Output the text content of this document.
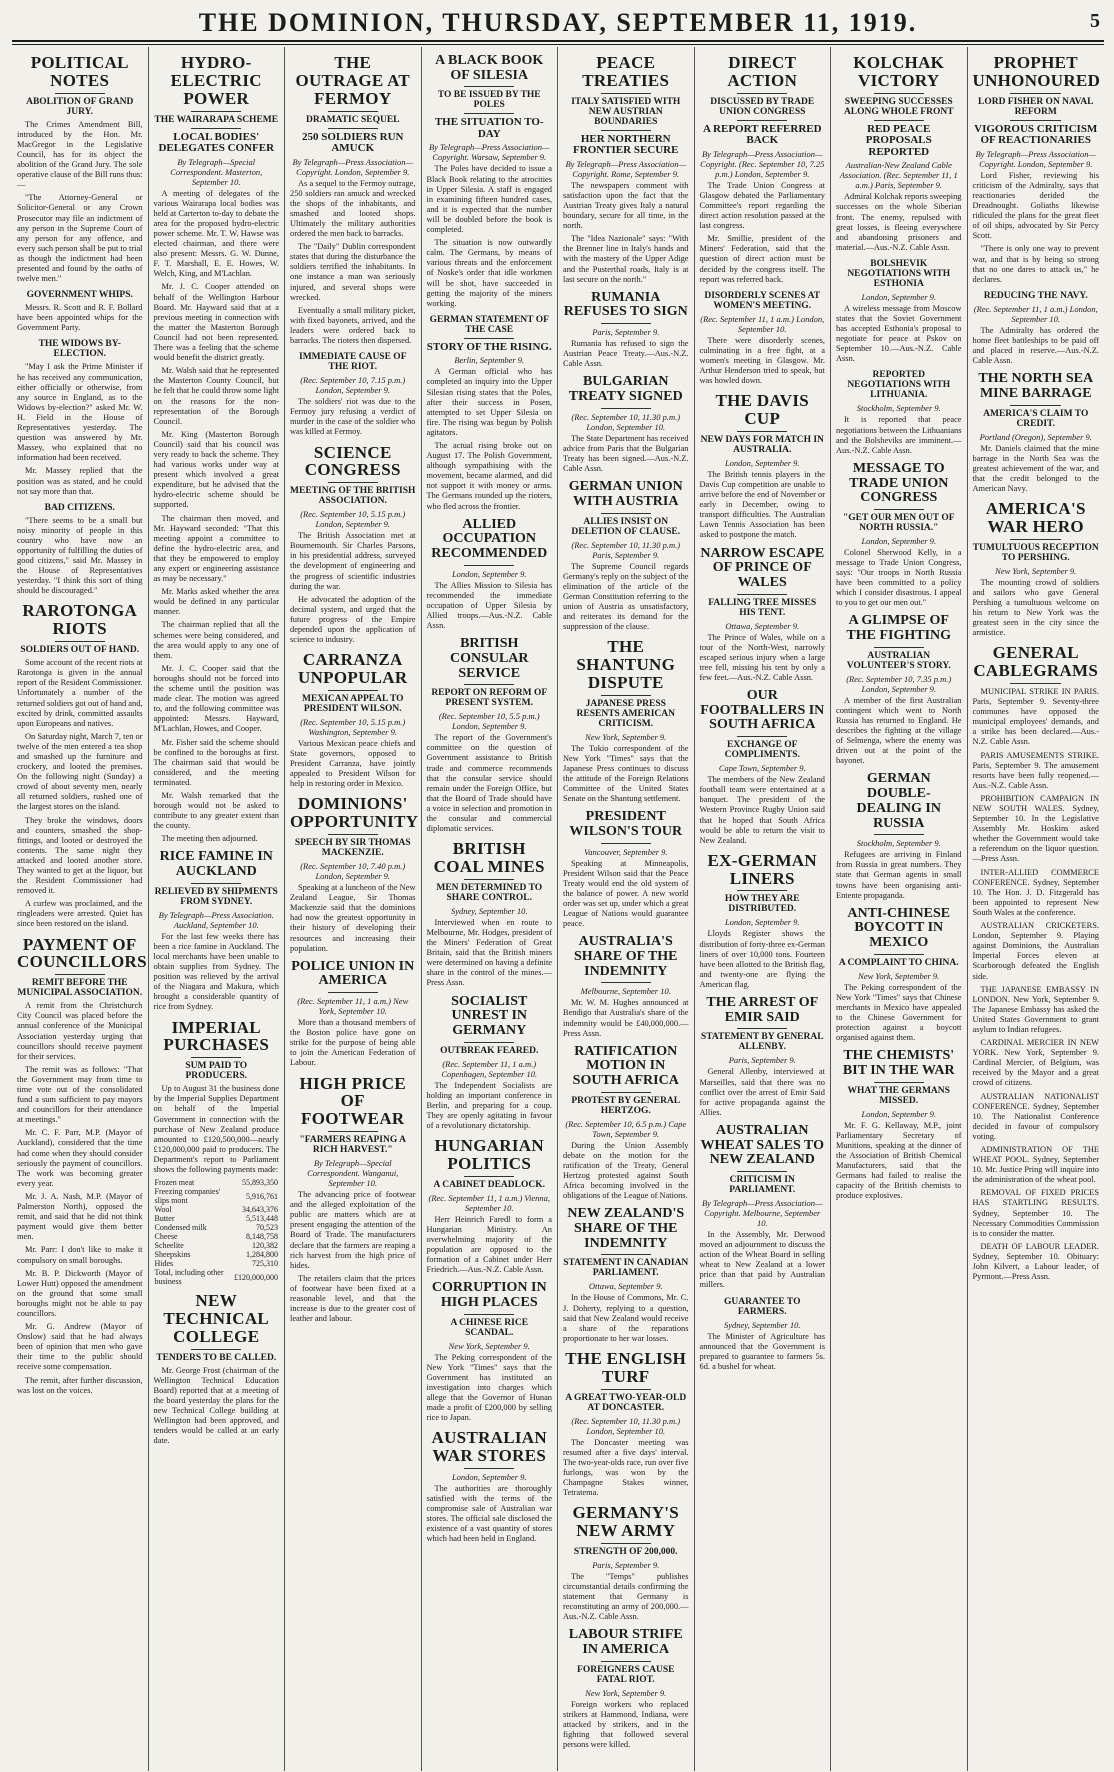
THE DOMINION, THURSDAY, SEPTEMBER 11, 1919.	5
POLITICAL NOTES
ABOLITION OF GRAND JURY.

The Crimes Amendment Bill, introduced by the Hon. Mr. MacGregor in the Legislative Council, has for its object the abolition of the Grand Jury. The sole operative clause of the Bill runs thus:—

"The Attorney-General or Solicitor-General or any Crown Prosecutor may file an indictment of any person in the Supreme Court of any person for any offence, and every such person shall be put to trial as though the indictment had been presented and found by the oaths of twelve men."

GOVERNMENT WHIPS.

Messrs. R. Scott and R. F. Bollard have been appointed whips for the Government Party.

THE WIDOWS BY-ELECTION.

"May I ask the Prime Minister if he has received any communication, either officially or otherwise, from any source in England, as to the Widows by-election?" asked Mr. W. H. Field in the House of Representatives yesterday. The question was answered by Mr. Massey, who explained that no information had been received.

Mr. Massey replied that the position was as stated, and he could not say more than that.

BAD CITIZENS.

"There seems to be a small but noisy minority of people in this country who have now an opportunity of fulfilling the duties of good citizens," said Mr. Massey in the House of Representatives yesterday. "I think this sort of thing should be discouraged."

RAROTONGA RIOTS
SOLDIERS OUT OF HAND.

Some account of the recent riots at Rarotonga is given in the annual report of the Resident Commissioner. Unfortunately a number of the returned soldiers got out of hand and, excited by drink, committed assaults upon Europeans and natives.

On Saturday night, March 7, ten or twelve of the men entered a tea shop and smashed up the furniture and crockery, and looted the premises. On the following night (Sunday) a crowd of about seventy men, nearly all returned soldiers, rushed one of the largest stores on the island.

They broke the windows, doors and counters, smashed the shop-fittings, and looted or destroyed the contents. The same night they attacked and looted another store. They wanted to get at the liquor, but the Resident Commissioner had removed it.

A curfew was proclaimed, and the ringleaders were arrested. Quiet has since been restored on the island.

PAYMENT OF COUNCILLORS
REMIT BEFORE THE MUNICIPAL ASSOCIATION.

A remit from the Christchurch City Council was placed before the annual conference of the Municipal Association yesterday urging that councillors should receive payment for their services.

The remit was as follows: "That the Government may from time to time vote out of the consolidated fund a sum sufficient to pay mayors and councillors for their attendance at meetings."

Mr. C. F. Parr, M.P. (Mayor of Auckland), considered that the time had come when they should consider seriously the payment of councillors. The work was becoming greater every year.

Mr. J. A. Nash, M.P. (Mayor of Palmerston North), opposed the remit, and said that he did not think payment would give them better men.

Mr. Parr: I don't like to make it compulsory on small boroughs.

Mr. B. P. Dickworth (Mayor of Lower Hutt) opposed the amendment on the ground that some small boroughs might not be able to pay councillors.

Mr. G. Andrew (Mayor of Onslow) said that he had always been of opinion that men who gave their time to the public should receive some compensation.

The remit, after further discussion, was lost on the voices.

HYDRO-ELECTRIC POWER
THE WAIRARAPA SCHEME
LOCAL BODIES' DELEGATES CONFER
By Telegraph—Special Correspondent. Masterton, September 10.

A meeting of delegates of the various Wairarapa local bodies was held at Carterton to-day to debate the area for the proposed hydro-electric power scheme. Mr. T. W. Hawse was elected chairman, and there were also present: Messrs. G. W. Dunne, F. T. Marshall, E. E. Howes, W. Welch, King, and M'Lachlan.

Mr. J. C. Cooper attended on behalf of the Wellington Harbour Board. Mr. Hayward said that at a previous meeting in connection with the matter the Masterton Borough Council had not been represented. There was a feeling that the scheme would benefit the district greatly.

Mr. Walsh said that he represented the Masterton County Council, but he felt that he could throw some light on the reasons for the non-representation of the Borough Council.

Mr. King (Masterton Borough Council) said that his council was very ready to back the scheme. They had various works under way at present which involved a great expenditure, but he advised that the hydro-electric scheme should be supported.

The chairman then moved, and Mr. Hayward seconded: "That this meeting appoint a committee to define the hydro-electric area, and that they be empowered to employ any expert or engineering assistance as may be necessary."

Mr. Marks asked whether the area would be defined in any particular manner.

The chairman replied that all the schemes were being considered, and the area would apply to any one of them.

Mr. J. C. Cooper said that the boroughs should not be forced into the scheme until the position was made clear. The motion was agreed to, and the following committee was appointed: Messrs. Hayward, M'Lachlan, Howes, and Cooper.

Mr. Fisher said the scheme should be confined to the boroughs at first. The chairman said that would be considered, and the meeting terminated.

Mr. Walsh remarked that the borough would not be asked to contribute to any greater extent than the county.

The meeting then adjourned.

RICE FAMINE IN AUCKLAND
RELIEVED BY SHIPMENTS FROM SYDNEY.
By Telegraph—Press Association. Auckland, September 10.

For the last few weeks there has been a rice famine in Auckland. The local merchants have been unable to obtain supplies from Sydney. The position was relieved by the arrival of the Niagara and Makura, which brought a considerable quantity of rice from Sydney.

IMPERIAL PURCHASES
SUM PAID TO PRODUCERS.

Up to August 31 the business done by the Imperial Supplies Department on behalf of the Imperial Government in connection with the purchase of New Zealand produce amounted to £120,500,000—nearly £120,000,000 paid to producers. The Department's report to Parliament shows the following payments made:

Frozen meat	55,893,350
Freezing companies' slips mont	5,916,761
Wool	34,643,376
Butter	5,513,448
Condensed milk	70,523
Cheese	8,148,758
Scheelite	120,382
Sheepskins	1,284,800
Hides	725,310
Total, including other business	£120,000,000
NEW TECHNICAL COLLEGE
TENDERS TO BE CALLED.

Mr. George Frost (chairman of the Wellington Technical Education Board) reported that at a meeting of the board yesterday the plans for the new Technical College building at Wellington had been approved, and tenders would be called at an early date.

THE OUTRAGE AT FERMOY
DRAMATIC SEQUEL
250 SOLDIERS RUN AMUCK
By Telegraph—Press Association—Copyright. London, September 9.

As a sequel to the Fermoy outrage, 250 soldiers ran amuck and wrecked the shops of the inhabitants, and smashed and looted shops. Ultimately the military authorities ordered the men back to barracks.

The "Daily" Dublin correspondent states that during the disturbance the soldiers terrified the inhabitants. In one instance a man was seriously injured, and several shops were wrecked.

Eventually a small military picket, with fixed bayonets, arrived, and the leaders were ordered back to barracks. The rioters then dispersed.

IMMEDIATE CAUSE OF THE RIOT.
(Rec. September 10, 7.15 p.m.) London, September 9.

The soldiers' riot was due to the Fermoy jury refusing a verdict of murder in the case of the soldier who was killed at Fermoy.

SCIENCE CONGRESS
MEETING OF THE BRITISH ASSOCIATION.
(Rec. September 10, 5.15 p.m.) London, September 9.

The British Association met at Bournemouth. Sir Charles Parsons, in his presidential address, surveyed the development of engineering and the progress of scientific industries during the war.

He advocated the adoption of the decimal system, and urged that the future progress of the Empire depended upon the application of science to industry.

CARRANZA UNPOPULAR
MEXICAN APPEAL TO PRESIDENT WILSON.
(Rec. September 10, 5.15 p.m.) Washington, September 9.

Various Mexican peace chiefs and State governors, opposed to President Carranza, have jointly appealed to President Wilson for help in restoring order in Mexico.

DOMINIONS' OPPORTUNITY
SPEECH BY SIR THOMAS MACKENZIE.
(Rec. September 10, 7.40 p.m.) London, September 9.

Speaking at a luncheon of the New Zealand League, Sir Thomas Mackenzie said that the dominions had now the greatest opportunity in their history of developing their resources and increasing their population.

POLICE UNION IN AMERICA
(Rec. September 11, 1 a.m.) New York, September 10.

More than a thousand members of the Boston police have gone on strike for the purpose of being able to join the American Federation of Labour.

HIGH PRICE OF FOOTWEAR
"FARMERS REAPING A RICH HARVEST."
By Telegraph—Special Correspondent. Wanganui, September 10.

The advancing price of footwear and the alleged exploitation of the public are matters which are at present engaging the attention of the Board of Trade. The manufacturers declare that the farmers are reaping a rich harvest from the high price of hides.

The retailers claim that the prices of footwear have been fixed at a reasonable level, and that the increase is due to the greater cost of leather and labour.

A BLACK BOOK OF SILESIA
TO BE ISSUED BY THE POLES
THE SITUATION TO-DAY
By Telegraph—Press Association—Copyright. Warsaw, September 9.

The Poles have decided to issue a Black Book relating to the atrocities in Upper Silesia. A staff is engaged in examining fifteen hundred cases, and it is expected that the number will be doubled before the book is completed.

The situation is now outwardly calm. The Germans, by means of various threats and the enforcement of Noske's order that idle workmen will be shot, have succeeded in getting the majority of the miners working.

GERMAN STATEMENT OF THE CASE
STORY OF THE RISING.
Berlin, September 9.

A German official who has completed an inquiry into the Upper Silesian rising states that the Poles, after their success in Posen, attempted to set Upper Silesia on fire. The rising was begun by Polish agitators.

The actual rising broke out on August 17. The Polish Government, although sympathising with the movement, became alarmed, and did not support it with money or arms. The Germans rounded up the rioters, who fled across the frontier.

ALLIED OCCUPATION RECOMMENDED
London, September 9.

The Allies Mission to Silesia has recommended the immediate occupation of Upper Silesia by Allied troops.—Aus.-N.Z. Cable Assn.

BRITISH CONSULAR SERVICE
REPORT ON REFORM OF PRESENT SYSTEM.
(Rec. September 10, 5.5 p.m.) London, September 9.

The report of the Government's committee on the question of Government assistance to British trade and commerce recommends that the consular service should remain under the Foreign Office, but that the Board of Trade should have a voice in selection and promotion in the consular and commercial diplomatic services.

BRITISH COAL MINES
MEN DETERMINED TO SHARE CONTROL.
Sydney, September 10.

Interviewed when en route to Melbourne, Mr. Hodges, president of the Miners' Federation of Great Britain, said that the British miners were determined on having a definite share in the control of the mines.—Press Assn.

SOCIALIST UNREST IN GERMANY
OUTBREAK FEARED.
(Rec. September 11, 1 a.m.) Copenhagen, September 10.

The Independent Socialists are holding an important conference in Berlin, and preparing for a coup. They are openly agitating in favour of a revolutionary dictatorship.

HUNGARIAN POLITICS
A CABINET DEADLOCK.
(Rec. September 11, 1 a.m.) Vienna, September 10.

Herr Heinrich Faredl to form a Hungarian Ministry. An overwhelming majority of the population are opposed to the formation of a Cabinet under Herr Friedrich.—Aus.-N.Z. Cable Assn.

CORRUPTION IN HIGH PLACES
A CHINESE RICE SCANDAL.
New York, September 9.

The Peking correspondent of the New York "Times" says that the Government has instituted an investigation into charges which allege that the Governor of Hunan made a profit of £200,000 by selling rice to Japan.

AUSTRALIAN WAR STORES
London, September 9.

The authorities are thoroughly satisfied with the terms of the compromise sale of Australian war stores. The official sale disclosed the existence of a vast quantity of stores which had been held in England.

PEACE TREATIES
ITALY SATISFIED WITH NEW AUSTRIAN BOUNDARIES
HER NORTHERN FRONTIER SECURE
By Telegraph—Press Association—Copyright. Rome, September 9.

The newspapers comment with satisfaction upon the fact that the Austrian Treaty gives Italy a natural boundary, secure for all time, in the north.

The "Idea Nazionale" says: "With the Brenner line in Italy's hands and with the mastery of the Upper Adige and the Pusterthal roads, Italy is at last secure on the north."

RUMANIA REFUSES TO SIGN
Paris, September 9.

Rumania has refused to sign the Austrian Peace Treaty.—Aus.-N.Z. Cable Assn.

BULGARIAN TREATY SIGNED
(Rec. September 10, 11.30 p.m.) London, September 10.

The State Department has received advice from Paris that the Bulgarian Treaty has been signed.—Aus.-N.Z. Cable Assn.

GERMAN UNION WITH AUSTRIA
ALLIES INSIST ON DELETION OF CLAUSE.
(Rec. September 10, 11.30 p.m.) Paris, September 9.

The Supreme Council regards Germany's reply on the subject of the elimination of the article of the German Constitution referring to the union of Austria as unsatisfactory, and reiterates its demand for the suppression of the clause.

THE SHANTUNG DISPUTE
JAPANESE PRESS RESENTS AMERICAN CRITICISM.
New York, September 9.

The Tokio correspondent of the New York "Times" says that the Japanese Press continues to discuss the attitude of the Foreign Relations Committee of the United States Senate on the Shantung settlement.

PRESIDENT WILSON'S TOUR
Vancouver, September 9.

Speaking at Minneapolis, President Wilson said that the Peace Treaty would end the old system of the balance of power. A new world order was set up, under which a great League of Nations would guarantee peace.

AUSTRALIA'S SHARE OF THE INDEMNITY
Melbourne, September 10.

Mr. W. M. Hughes announced at Bendigo that Australia's share of the indemnity would be £40,000,000.—Press Assn.

RATIFICATION MOTION IN SOUTH AFRICA
PROTEST BY GENERAL HERTZOG.
(Rec. September 10, 6.5 p.m.) Cape Town, September 9.

During the Union Assembly debate on the motion for the ratification of the Treaty, General Hertzog protested against South Africa becoming involved in the obligations of the League of Nations.

NEW ZEALAND'S SHARE OF THE INDEMNITY
STATEMENT IN CANADIAN PARLIAMENT.
Ottawa, September 9.

In the House of Commons, Mr. C. J. Doherty, replying to a question, said that New Zealand would receive a share of the reparations proportionate to her war losses.

THE ENGLISH TURF
A GREAT TWO-YEAR-OLD AT DONCASTER.
(Rec. September 10, 11.30 p.m.) London, September 10.

The Doncaster meeting was resumed after a five days' interval. The two-year-olds race, run over five furlongs, was won by the Champagne Stakes winner, Tetratema.

GERMANY'S NEW ARMY
STRENGTH OF 200,000.
Paris, September 9.

The "Temps" publishes circumstantial details confirming the statement that Germany is reconstituting an army of 200,000.—Aus.-N.Z. Cable Assn.

LABOUR STRIFE IN AMERICA
FOREIGNERS CAUSE FATAL RIOT.
New York, September 9.

Foreign workers who replaced strikers at Hammond, Indiana, were attacked by strikers, and in the fighting that followed several persons were killed.

DIRECT ACTION
DISCUSSED BY TRADE UNION CONGRESS
A REPORT REFERRED BACK
By Telegraph—Press Association—Copyright. (Rec. September 10, 7.25 p.m.) London, September 9.

The Trade Union Congress at Glasgow debated the Parliamentary Committee's report regarding the direct action resolution passed at the last congress.

Mr. Smillie, president of the Miners' Federation, said that the question of direct action must be decided by the congress itself. The report was referred back.

DISORDERLY SCENES AT WOMEN'S MEETING.
(Rec. September 11, 1 a.m.) London, September 10.

There were disorderly scenes, culminating in a free fight, at a women's meeting in Glasgow. Mr. Arthur Henderson tried to speak, but was howled down.

THE DAVIS CUP
NEW DAYS FOR MATCH IN AUSTRALIA.
London, September 9.

The British tennis players in the Davis Cup competition are unable to arrive before the end of November or early in December, owing to transport difficulties. The Australian Lawn Tennis Association has been asked to postpone the match.

NARROW ESCAPE OF PRINCE OF WALES
FALLING TREE MISSES HIS TENT.
Ottawa, September 9.

The Prince of Wales, while on a tour of the North-West, narrowly escaped serious injury when a large tree fell, missing his tent by only a few feet.—Aus.-N.Z. Cable Assn.

OUR FOOTBALLERS IN SOUTH AFRICA
EXCHANGE OF COMPLIMENTS.
Cape Town, September 9.

The members of the New Zealand football team were entertained at a banquet. The president of the Western Province Rugby Union said that he hoped that South Africa would be able to return the visit to New Zealand.

EX-GERMAN LINERS
HOW THEY ARE DISTRIBUTED.
London, September 9.

Lloyds Register shows the distribution of forty-three ex-German liners of over 10,000 tons. Fourteen have been allotted to the British flag, and twenty-one are flying the American flag.

THE ARREST OF EMIR SAID
STATEMENT BY GENERAL ALLENBY.
Paris, September 9.

General Allenby, interviewed at Marseilles, said that there was no conflict over the arrest of Emir Said for active propaganda against the Allies.

AUSTRALIAN WHEAT SALES TO NEW ZEALAND
CRITICISM IN PARLIAMENT.
By Telegraph—Press Association—Copyright. Melbourne, September 10.

In the Assembly, Mr. Derwood moved an adjournment to discuss the action of the Wheat Board in selling wheat to New Zealand at a lower price than that paid by Australian millers.

GUARANTEE TO FARMERS.
Sydney, September 10.

The Minister of Agriculture has announced that the Government is prepared to guarantee to farmers 5s. 6d. a bushel for wheat.

KOLCHAK VICTORY
SWEEPING SUCCESSES ALONG WHOLE FRONT
RED PEACE PROPOSALS REPORTED
Australian-New Zealand Cable Association. (Rec. September 11, 1 a.m.) Paris, September 9.

Admiral Kolchak reports sweeping successes on the whole Siberian front. The enemy, repulsed with great losses, is fleeing everywhere and abandoning prisoners and material.—Aus.-N.Z. Cable Assn.

BOLSHEVIK NEGOTIATIONS WITH ESTHONIA
London, September 9.

A wireless message from Moscow states that the Soviet Government has accepted Esthonia's proposal to negotiate for peace at Pskov on September 10.—Aus.-N.Z. Cable Assn.

REPORTED NEGOTIATIONS WITH LITHUANIA.
Stockholm, September 9.

It is reported that peace negotiations between the Lithuanians and the Bolsheviks are imminent.—Aus.-N.Z. Cable Assn.

MESSAGE TO TRADE UNION CONGRESS
"GET OUR MEN OUT OF NORTH RUSSIA."
London, September 9.

Colonel Sherwood Kelly, in a message to Trade Union Congress, says: "Our troops in North Russia have been committed to a policy which I consider disastrous. I appeal to you to get our men out."

A GLIMPSE OF THE FIGHTING
AUSTRALIAN VOLUNTEER'S STORY.
(Rec. September 10, 7.35 p.m.) London, September 9.

A member of the first Australian contingent which went to North Russia has returned to England. He describes the fighting at the village of Selmenga, where the enemy was driven out at the point of the bayonet.

GERMAN DOUBLE-DEALING IN RUSSIA
Stockholm, September 9.

Refugees are arriving in Finland from Russia in great numbers. They state that German agents in small towns have been organising anti-Entente propaganda.

ANTI-CHINESE BOYCOTT IN MEXICO
A COMPLAINT TO CHINA.
New York, September 9.

The Peking correspondent of the New York "Times" says that Chinese merchants in Mexico have appealed to the Chinese Government for protection against a boycott organised against them.

THE CHEMISTS' BIT IN THE WAR
WHAT THE GERMANS MISSED.
London, September 9.

Mr. F. G. Kellaway, M.P., joint Parliamentary Secretary of Munitions, speaking at the dinner of the Association of British Chemical Manufacturers, said that the Germans had failed to realise the capacity of the British chemists to produce explosives.

PROPHET UNHONOURED
LORD FISHER ON NAVAL REFORM
VIGOROUS CRITICISM OF REACTIONARIES
By Telegraph—Press Association—Copyright. London, September 9.

Lord Fisher, reviewing his criticism of the Admiralty, says that reactionaries derided the Dreadnought. Goliaths likewise ridiculed the plans for the great fleet of oil ships, advocated by Sir Percy Scott.

"There is only one way to prevent war, and that is by being so strong that no one dares to attack us," he declares.

REDUCING THE NAVY.
(Rec. September 11, 1 a.m.) London, September 10.

The Admiralty has ordered the home fleet battleships to be paid off and placed in reserve.—Aus.-N.Z. Cable Assn.

THE NORTH SEA MINE BARRAGE
AMERICA'S CLAIM TO CREDIT.
Portland (Oregon), September 9.

Mr. Daniels claimed that the mine barrage in the North Sea was the greatest achievement of the war, and that the credit belonged to the American Navy.

AMERICA'S WAR HERO
TUMULTUOUS RECEPTION TO PERSHING.
New York, September 9.

The mounting crowd of soldiers and sailors who gave General Pershing a tumultuous welcome on his return to New York was the greatest seen in the city since the armistice.

GENERAL CABLEGRAMS

MUNICIPAL STRIKE IN PARIS. Paris, September 9. Seventy-three communes have opposed the municipal employees' demands, and a strike has been declared.—Aus.-N.Z. Cable Assn.

PARIS AMUSEMENTS STRIKE. Paris, September 9. The amusement resorts have been fully reopened.—Aus.-N.Z. Cable Assn.

PROHIBITION CAMPAIGN IN NEW SOUTH WALES. Sydney, September 10. In the Legislative Assembly Mr. Hoskins asked whether the Government would take a referendum on the liquor question.—Press Assn.

INTER-ALLIED COMMERCE CONFERENCE. Sydney, September 10. The Hon. J. D. Fitzgerald has been appointed to represent New South Wales at the conference.

AUSTRALIAN CRICKETERS. London, September 9. Playing against Dominions, the Australian Imperial Forces eleven at Scarborough defeated the English side.

THE JAPANESE EMBASSY IN LONDON. New York, September 9. The Japanese Embassy has asked the United States Government to grant asylum to Indian refugees.

CARDINAL MERCIER IN NEW YORK. New York, September 9. Cardinal Mercier, of Belgium, was received by the Mayor and a great crowd of citizens.

AUSTRALIAN NATIONALIST CONFERENCE. Sydney, September 10. The Nationalist Conference decided in favour of compulsory voting.

ADMINISTRATION OF THE WHEAT POOL. Sydney, September 10. Mr. Justice Pring will inquire into the administration of the wheat pool.

REMOVAL OF FIXED PRICES HAS STARTLING RESULTS. Sydney, September 10. The Necessary Commodities Commission is to consider the matter.

DEATH OF LABOUR LEADER. Sydney, September 10. Obituary: John Kilvert, a Labour leader, of Pyrmont.—Press Assn.
